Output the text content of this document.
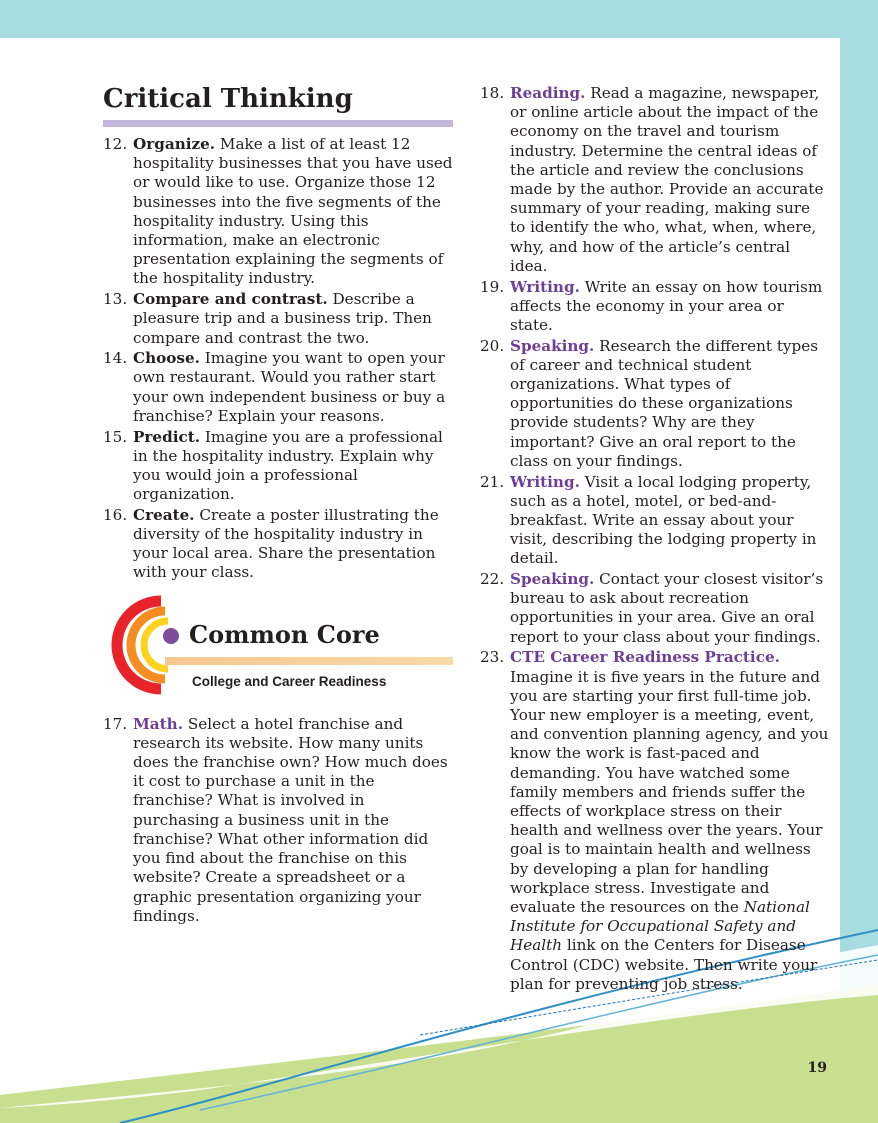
Critical Thinking
12. Organize. Make a list of at least 12 hospitality businesses that you have used or would like to use. Organize those 12 businesses into the five segments of the hospitality industry. Using this information, make an electronic presentation explaining the segments of the hospitality industry.
13. Compare and contrast. Describe a pleasure trip and a business trip. Then compare and contrast the two.
14. Choose. Imagine you want to open your own restaurant. Would you rather start your own independent business or buy a franchise? Explain your reasons.
15. Predict. Imagine you are a professional in the hospitality industry. Explain why you would join a professional organization.
16. Create. Create a poster illustrating the diversity of the hospitality industry in your local area. Share the presentation with your class.
Common Core
College and Career Readiness
17. Math. Select a hotel franchise and research its website. How many units does the franchise own? How much does it cost to purchase a unit in the franchise? What is involved in purchasing a business unit in the franchise? What other information did you find about the franchise on this website? Create a spreadsheet or a graphic presentation organizing your findings.
18. Reading. Read a magazine, newspaper, or online article about the impact of the economy on the travel and tourism industry. Determine the central ideas of the article and review the conclusions made by the author. Provide an accurate summary of your reading, making sure to identify the who, what, when, where, why, and how of the article’s central idea.
19. Writing. Write an essay on how tourism affects the economy in your area or state.
20. Speaking. Research the different types of career and technical student organizations. What types of opportunities do these organizations provide students? Why are they important? Give an oral report to the class on your findings.
21. Writing. Visit a local lodging property, such as a hotel, motel, or bed-and-breakfast. Write an essay about your visit, describing the lodging property in detail.
22. Speaking. Contact your closest visitor’s bureau to ask about recreation opportunities in your area. Give an oral report to your class about your findings.
23. CTE Career Readiness Practice. Imagine it is five years in the future and you are starting your first full-time job. Your new employer is a meeting, event, and convention planning agency, and you know the work is fast-paced and demanding. You have watched some family members and friends suffer the effects of workplace stress on their health and wellness over the years. Your goal is to maintain health and wellness by developing a plan for handling workplace stress. Investigate and evaluate the resources on the National Institute for Occupational Safety and Health link on the Centers for Disease Control (CDC) website. Then write your plan for preventing job stress.
19
